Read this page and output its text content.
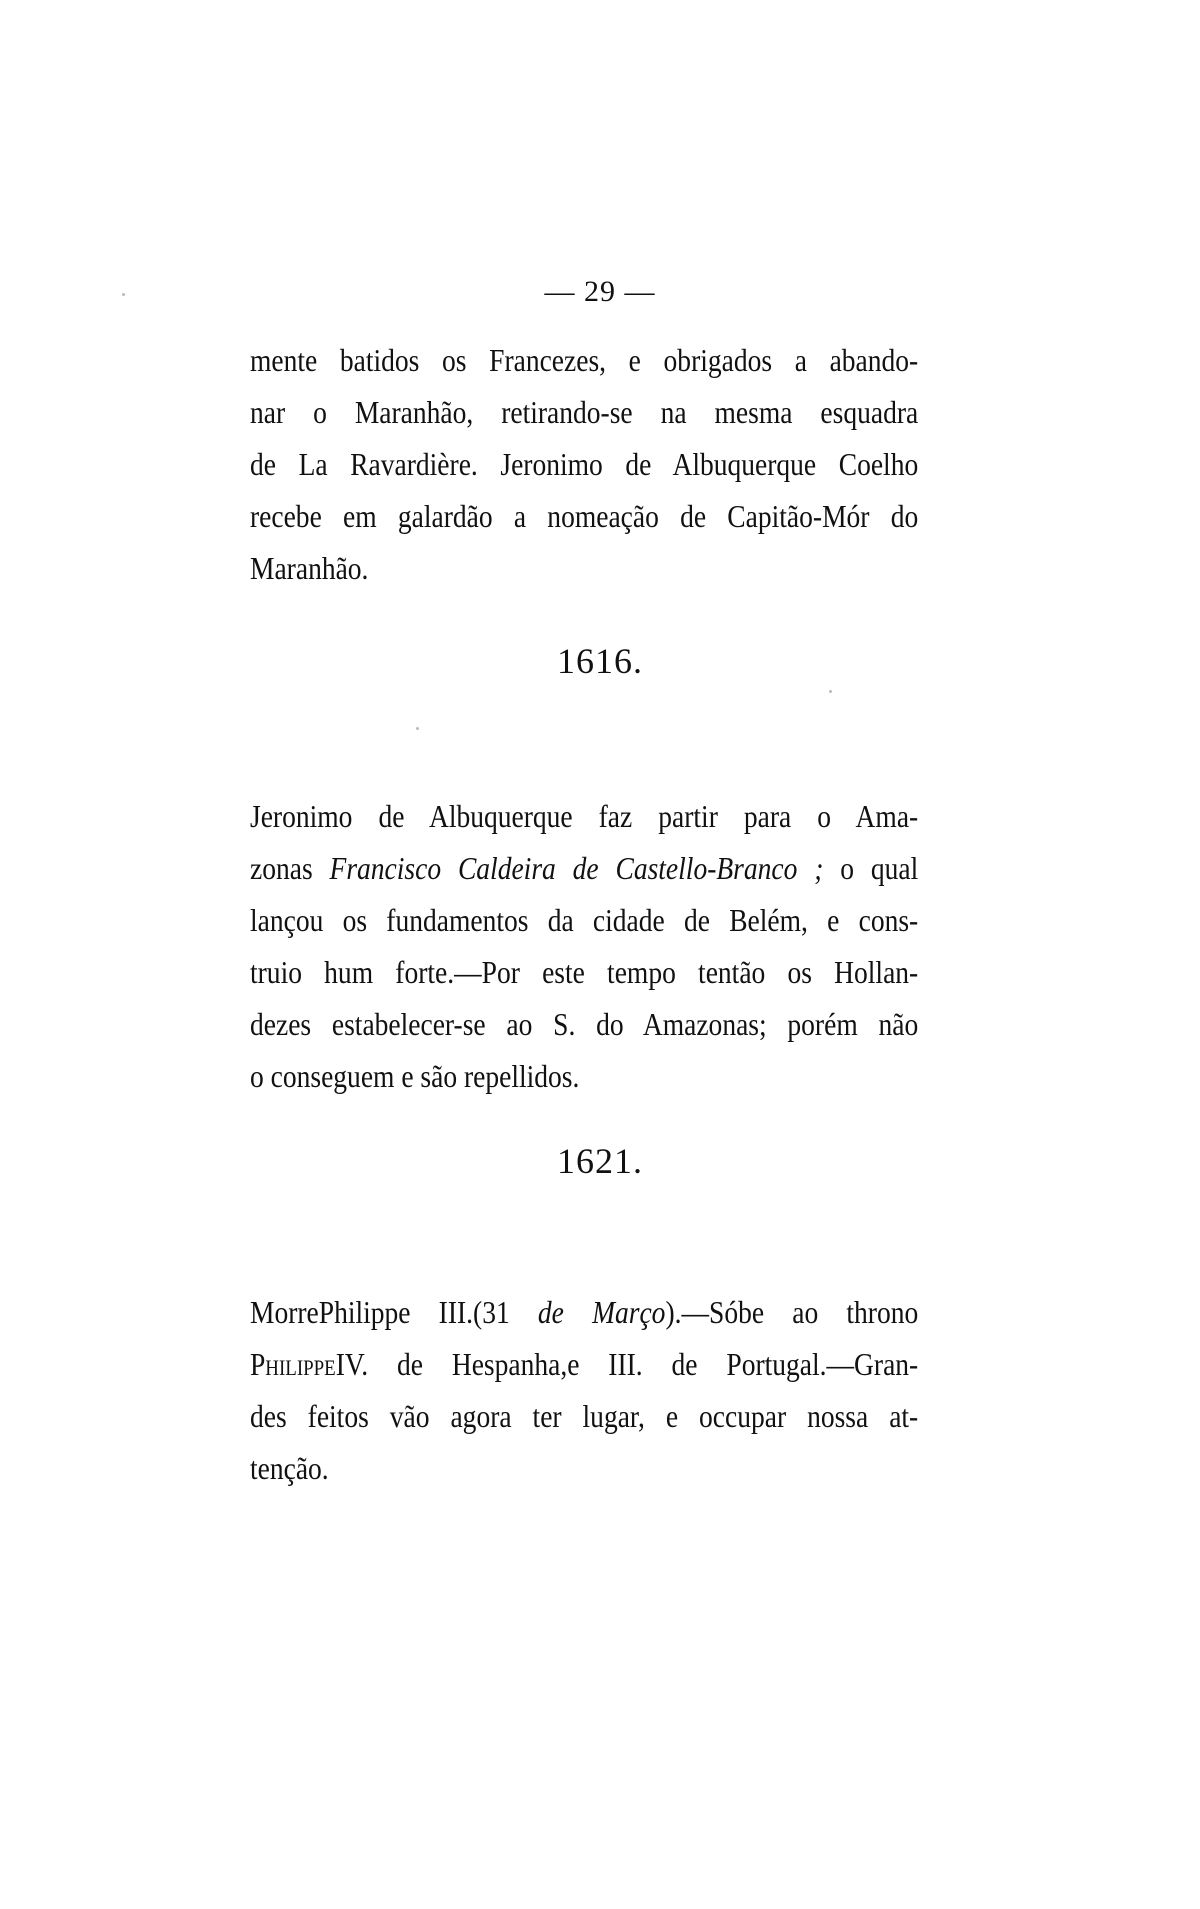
— 29 —

mente batidos os Francezes, e obrigados a abando-
nar o Maranhão, retirando-se na mesma esquadra
de La Ravardière. Jeronimo de Albuquerque Coelho
recebe em galardão a nomeação de Capitão-Mór do
Maranhão.

1616.

Jeronimo de Albuquerque faz partir para o Ama-
zonas Francisco Caldeira de Castello-Branco ; o qual
lançou os fundamentos da cidade de Belém, e cons-
truio hum forte.—Por este tempo tentão os Hollan-
dezes estabelecer-se ao S. do Amazonas; porém não
o conseguem e são repellidos.

1621.

MorrePhilippe III.(31 de Março).—Sóbe ao throno
PhilippeIV. de Hespanha,e III. de Portugal.—Gran-
des feitos vão agora ter lugar, e occupar nossa at-
tenção.
